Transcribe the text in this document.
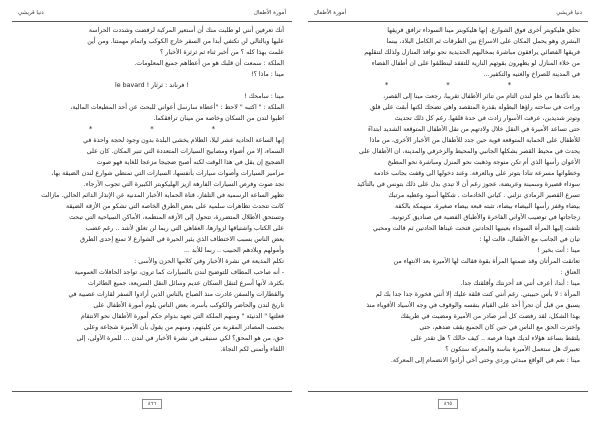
أمورة الأطفال
دنيا قريشي

أنك تعرفين أنني لو طلبت منك أن أستعير المركبة لرفضت وشددت الحراسة

عليها وبالتالي لن تكتفي أبدا من السفر خارج الكوكب واتمام مهمتنا. ومن أين

علمت بهذا كله ؟ من أخبر ثناء ثم ثرثرة الأخبار ؟

الملكة : سمعت أن قلبك هو من أعطاهم جميع المعلومات.

مينا : ماذا ؟!

le bavard ! فرناند : ثرثار !

مينا : سامحك !

الملكة : " اكتبه " لاحظ : "أعطاه سارسل أعواني للبحث عن أحد المطيعات المالية،

اطبوا لندن من السكان وخاصة من مينان ترافقكما.

*	*	*

إنها الساعة الحادية عشر ليلا، الظلام يخشى البلدة بدون وجود لحجة واحدة في

السماء، إلا من أضواء ومصابيح السيارات المتعددة التي تنير المكان. كان على

الضجيج إن يقل في هذا الوقت لكنه أصبح ضجيجا مزعجا للغاية فهو صوت

مزامير السيارات وأصوات سيارات بأنفسها، السيارات التي تمنطي شوارع لندن الضيقة بها،

نجد صوت وفرص السيارات الفارهة ازيز الهليكوبتر الكبيرة التي تجوب الأرجاء.

تظهر الساعة الرسمية في التلفاز، قناة الحماية الأخبار المدنية عن الإنذار الدائم الحالي. مازالت

كانت تتحدث تظاهرات سلمية على بعض الطرق الخاصة التي تشكو من الأزقة الضيقة

وتستحق الأطلال المتضررة، تتحول إلى الأزقة المنظمة، الأماكن السياحية التي تبحث

على الكتاب واشتياقها لزوارها، العقاهي التي ربما لن تغلق لأشد .. رغم غضب

بعض الناس بسبب الاختطاف الذي يثير الحيرة في الشوارع لا تمنع إحدى الطرق

وأمولهم وبلادهم الحبيب .. ربما للأبد ...

تكلم المذيعة في نشرة الأخبار وفي كلامها الحزن والأسى :

- أنه صاحب المطاف للتوضيح لندن بالسيارات كما ترون، تواجد الحافلات العمومية

بكثرة، لأنها أسرع لتنقل السكان عديم وسائل النقل السريعة، جميع الطائرات

والقطارات والسفن غادرت منذ الصباح بالناس الذين أرادوا السفر لقارات عصبية في

تاريخ لندن والحاضر والكوكب بأسره، بعض الناس يلوم أمورة الأطفال على

فعلتها " الدنيئة " ومنهم الملكة التي تعهد بدوام حكم أمورة الأطفال نحو الانتقام

بحسب المصادر المقربة من كليتهم، ومنهم من يقول بأن الأميرة شجاعة وعلى

حق، من هو المحق؟ لكي سنبقى في نشرة الأخبار في لندن ... للمرة الأولى، إلى

اللقاء وأتمنى لكم النجاة.

٤٦٦
دنيا قريشي
أمورة الأطفال

تحلق هليكوبتر أخرى فوق الشوارع، إنها هليكوبتر مينا السوداء ترافق فريقها

البشري وهو يحمل المكان على الاسراع بين الطرقات ثم الكامل البلاد، بينما

فريقها الفضائي يرافقون مباشرة بمخالبهم الحديدية نحو نوافذ المنازل ولذلك لتنقلهم

من خلاء المنازل لو يظهرون بقوتهم النارية للتفقد لينطلقوا على ان أطفال الفضاء

في المدينة للصراخ والغنيه والتكفير...

*	*	*

بعد تأكدها من خلو لندن التام من تناثر الأطفال تقريبا، رجعت مينا إلى القصر،

وراءت في ساحته راؤها البطولة بقدرة المتقصد واهي تضحك لكنها أبقت على قلق

وتوتر شديدين، عرفت الأسوار زادت في حدة قلقها. رغم كل ذلك تحديث

حتى تساعد الأميرة في النقل خلال ولادتهم من نقل الأطفال المتوقعة الشديد ابتداءً

للأطفال على الحماية المتوقعة قوية حين جدد للأطفال من الأخبار الأخرى، من ماذا

يحدث في محيط القصر بشكلها الجانبي والمحيط والزخرفي والمدينة، ان الأطفال على

الأعوان رأسها الذي أم تكن متوجة وذهبت نحو المنزل ومباشرة نحو المطبخ

وخطواتها مسرعة تنادا بتوتر على وبالعرفة. وعند دخولها الى وقفت بجانب خادمة

سوداء قصيرة وسمينة وعريضة، عجوز رغم أن لا تبدي بدل على ذلك بتونس في بالتأكيد

تسرع القصير الرمادي نزلني . كياتي الخادمات . شكلها أسود وغطيه مرتبك

بيضاء وقفز رأسها البيضاء بيضاء، تثبته قبعة بيضاء صغيرة. منهمكة بالكفة

زجاجاتها في توضيب الأواني الفاخرة والأطباق الفضية في صناديق كرتونية.

تلتفت إليها المرأة السوداء بعينيها الحادتين فتحت عيناها الحادتين ثم قالت ومحبي

تيان في الجانب مع الأطفال، قالت لها :

مينا : أنت بخير !

تعانقت المرأتان وقد ضمتها المرأة بقوة فقالت لها الأميرة بعد الانتهاء من

العناق :

مينا : أبدا، أعرف أنني قد أحزنتك وأقلقتك جدا.

المرأة : لا بأس حبيبتي. رغم أنني كنت قلقة عليك إلا أنني فخورة جدا جدا بك لم

يسبق من قبل أن تجرأ أحد على القيام بنفسه والوقوف في وجه الأسياد الأقوياء منذ

بهذا الشكل، لقد رفضت كل أمر صادر من الأميرة ومضيت في طريقك

واخترت الحق مع الناس في حين كان الجميع يقف ضدهم، حتى

يلتقط بساعد هؤلاء لديك فهذا فرصة .. كيف حالك ؟ هل تقدر على

تعبيرك هل ستعمل الأميرة بناسة والمعركة ستكون ؟

مينا : نعم في الواقع مبدئي وردي وحتى أخي أرادوا الانضمام إلى المعركة.

٤٦٥
